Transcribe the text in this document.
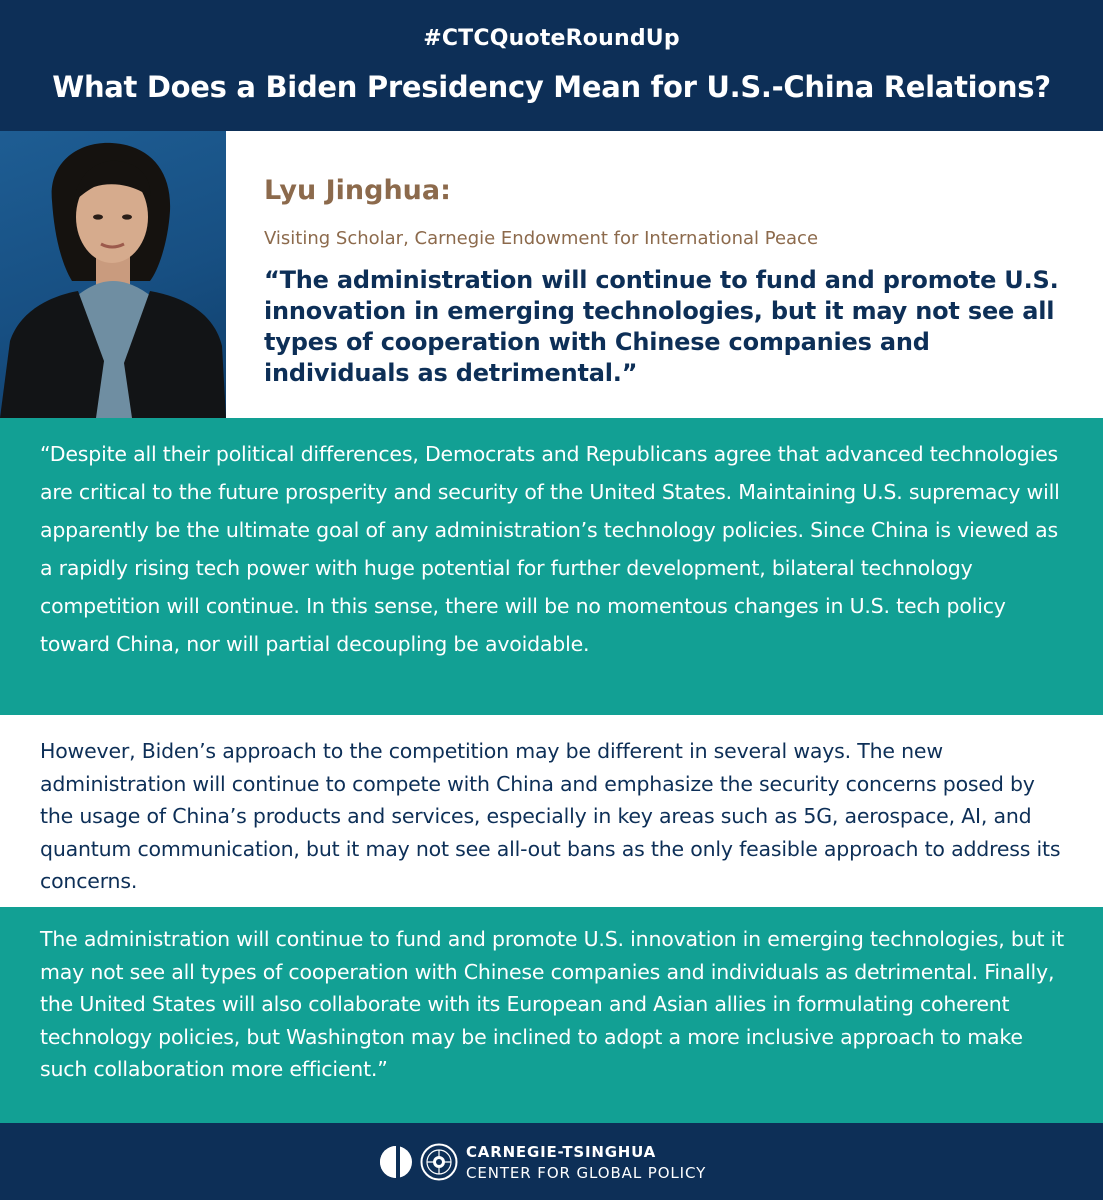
#CTCQuoteRoundUp
What Does a Biden Presidency Mean for U.S.-China Relations?
Lyu Jinghua:
Visiting Scholar, Carnegie Endowment for International Peace
“The administration will continue to fund and promote U.S. innovation in emerging technologies, but it may not see all types of cooperation with Chinese companies and individuals as detrimental.”

“Despite all their political differences, Democrats and Republicans agree that advanced technologies are critical to the future prosperity and security of the United States. Maintaining U.S. supremacy will apparently be the ultimate goal of any administration’s technology policies. Since China is viewed as a rapidly rising tech power with huge potential for further development, bilateral technology competition will continue. In this sense, there will be no momentous changes in U.S. tech policy toward China, nor will partial decoupling be avoidable.

However, Biden’s approach to the competition may be different in several ways. The new administration will continue to compete with China and emphasize the security concerns posed by the usage of China’s products and services, especially in key areas such as 5G, aerospace, AI, and quantum communication, but it may not see all-out bans as the only feasible approach to address its concerns.

The administration will continue to fund and promote U.S. innovation in emerging technologies, but it may not see all types of cooperation with Chinese companies and individuals as detrimental. Finally, the United States will also collaborate with its European and Asian allies in formulating coherent technology policies, but Washington may be inclined to adopt a more inclusive approach to make such collaboration more efficient.”

CARNEGIE-TSINGHUA
CENTER FOR GLOBAL POLICY
